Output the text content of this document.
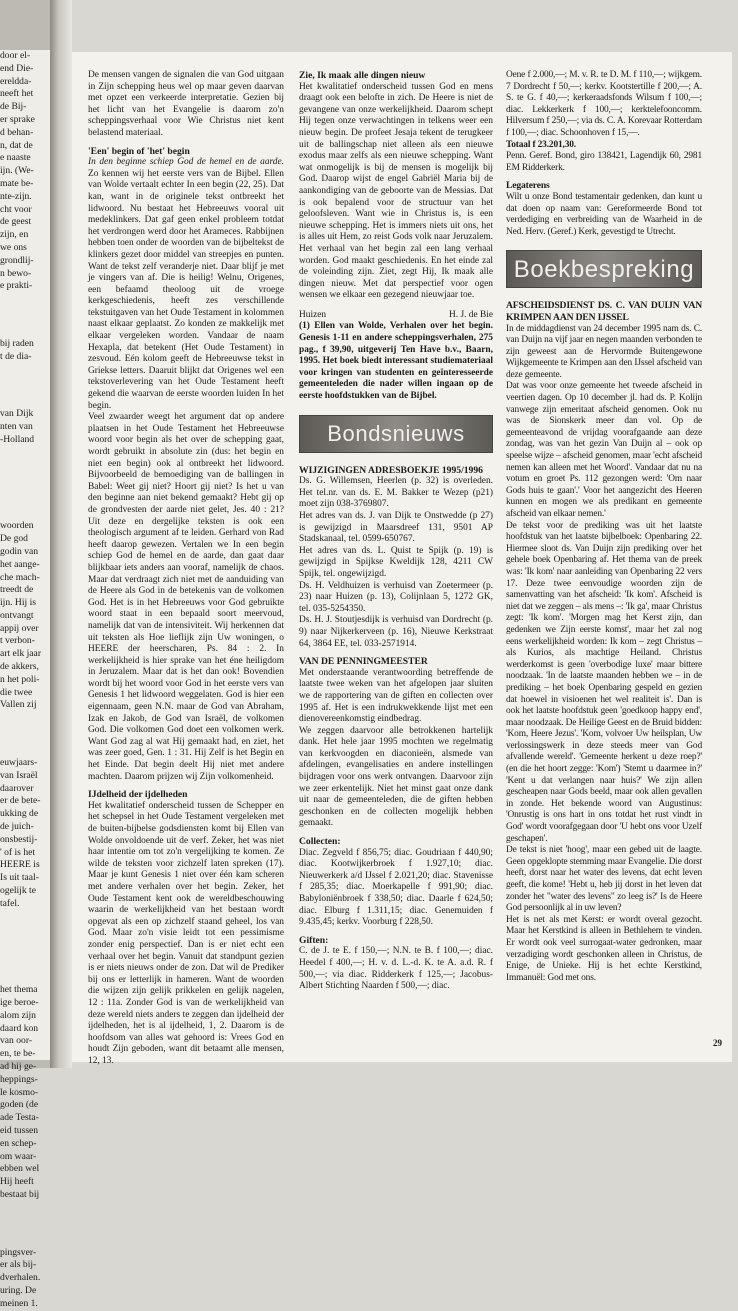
door el-

end Die-

ereldda-

neeft het

de Bij-

er sprake

d behan-

n, dat de

e naaste

ijn. (We-

mate be-

nte-zijn.

cht voor

de geest

zijn, en

we ons

grondlij-

n bewo-

e prakti-

bij raden

t de dia-

van Dijk

nten van

-Holland

woorden

De god

godin van

het aange-

che mach-

treedt de

ijn. Hij is

ontvangt

appij over

t verbon-

art elk jaar

de akkers,

n het poli-

die twee

Vallen zij

euwjaars-

van Israël

daarover

er de bete-

ukking de

de juich-

onsbestij-

' of is het

HEERE is

Is uit taal-

ogelijk te

tafel.

het thema

ige beroe-

alom zijn

daard kon

van oor-

en, te be-

ad hij ge-

heppings-

le kosmo-

goden (de

ade Testa-

eid tussen

en schep-

om waar-

ebben wel

Hij heeft

bestaat bij

pingsver-

er als bij-

dverhalen.

uring. De

meinen 1.

De mensen vangen de signalen die van God uitgaan in Zijn schepping heus wel op maar geven daarvan met opzet een verkeerde interpretatie. Gezien bij het licht van het Evangelie is daarom zo'n scheppingsverhaal voor Wie Christus niet kent belastend materiaal.

'Een' begin of 'het' begin

In den beginne schiep God de hemel en de aarde. Zo kennen wij het eerste vers van de Bijbel. Ellen van Wolde vertaalt echter In een begin (22, 25). Dat kan, want in de originele tekst ontbreekt het lidwoord. Nu bestaat het Hebreeuws vooral uit medeklinkers. Dat gaf geen enkel probleem totdat het verdrongen werd door het Arameces. Rabbijnen hebben toen onder de woorden van de bijbeltekst de klinkers gezet door middel van streepjes en punten. Want de tekst zelf veranderje niet. Daar blijf je met je vingers van af. Die is heilig! Welnu, Origenes, een befaamd theoloog uit de vroege kerkgeschiedenis, heeft zes verschillende tekstuitgaven van het Oude Testament in kolommen naast elkaar geplaatst. Zo konden ze makkelijk met elkaar vergeleken worden. Vandaar de naam Hexapla, dat betekent (Het Oude Testament) in zesvoud. Eén kolom geeft de Hebreeuwse tekst in Griekse letters. Daaruit blijkt dat Origenes wel een tekstoverlevering van het Oude Testament heeft gekend die waarvan de eerste woorden luiden In het begin.

Veel zwaarder weegt het argument dat op andere plaatsen in het Oude Testament het Hebreeuwse woord voor begin als het over de schepping gaat, wordt gebruikt in absolute zin (dus: het begin en niet een begin) ook al ontbreekt het lidwoord. Bijvoorbeeld de bemoediging van de ballingen in Babel: Weet gij niet? Hoort gij niet? Is het u van den beginne aan niet bekend gemaakt? Hebt gij op de grondvesten der aarde niet gelet, Jes. 40 : 21? Uit deze en dergelijke teksten is ook een theologisch argument af te leiden. Gerhard von Rad heeft daarop gewezen. Vertalen we In een begin schiep God de hemel en de aarde, dan gaat daar blijkbaar iets anders aan vooraf, namelijk de chaos. Maar dat verdraagt zich niet met de aanduiding van de Heere als God in de betekenis van de volkomen God. Het is in het Hebreeuws voor God gebruikte woord staat in een bepaald soort meervoud, namelijk dat van de intensiviteit. Wij herkennen dat uit teksten als Hoe lieflijk zijn Uw woningen, o HEERE der heerscharen, Ps. 84 : 2. In werkelijkheid is hier sprake van het éne heiligdom in Jeruzalem. Maar dat is het dan ook! Bovendien wordt bij het woord voor God in het eerste vers van Genesis 1 het lidwoord weggelaten. God is hier een eigennaam, geen N.N. maar de God van Abraham, Izak en Jakob, de God van Israël, de volkomen God. Die volkomen God doet een volkomen werk. Want God zag al wat Hij gemaakt had, en ziet, het was zeer goed, Gen. 1 : 31. Hij Zelf is het Begin en het Einde. Dat begin deelt Hij niet met andere machten. Daarom prijzen wij Zijn volkomenheid.

IJdelheid der ijdelheden

Het kwalitatief onderscheid tussen de Schepper en het schepsel in het Oude Testament vergeleken met de buiten-bijbelse godsdiensten komt bij Ellen van Wolde onvoldoende uit de verf. Zeker, het was niet haar intentie om tot zo'n vergelijking te komen. Ze wilde de teksten voor zichzelf laten spreken (17). Maar je kunt Genesis 1 niet over één kam scheren met andere verhalen over het begin. Zeker, het Oude Testament kent ook de wereldbeschouwing waarin de werkelijkheid van het bestaan wordt opgevat als een op zichzelf staand geheel, los van God. Maar zo'n visie leidt tot een pessimisme zonder enig perspectief. Dan is er niet echt een verhaal over het begin. Vanuit dat standpunt gezien is er niets nieuws onder de zon. Dat wil de Prediker bij ons er letterlijk in hameren. Want de woorden die wijzen zijn gelijk prikkelen en gelijk nagelen, 12 : 11a. Zonder God is van de werkelijkheid van deze wereld niets anders te zeggen dan ijdelheid der ijdelheden, het is al ijdelheid, 1, 2. Daarom is de hoofdsom van alles wat gehoord is: Vrees God en houdt Zijn geboden, want dit betaamt alle mensen, 12, 13.

Zie, Ik maak alle dingen nieuw

Het kwalitatief onderscheid tussen God en mens draagt ook een belofte in zich. De Heere is niet de gevangene van onze werkelijkheid. Daarom schept Hij tegen onze verwachtingen in telkens weer een nieuw begin. De profeet Jesaja tekent de terugkeer uit de ballingschap niet alleen als een nieuwe exodus maar zelfs als een nieuwe schepping. Want wat onmogelijk is bij de mensen is mogelijk bij God. Daarop wijst de engel Gabriël Maria bij de aankondiging van de geboorte van de Messias. Dat is ook bepalend voor de structuur van het geloofsleven. Want wie in Christus is, is een nieuwe schepping. Het is immers niets uit ons, het is alles uit Hem, zo reist Gods volk naar Jeruzalem. Het verhaal van het begin zal een lang verhaal worden. God maakt geschiedenis. En het einde zal de voleinding zijn. Ziet, zegt Hij, Ik maak alle dingen nieuw. Met dat perspectief voor ogen wensen we elkaar een gezegend nieuwjaar toe.

Huizen	H. J. de Bie

(1) Ellen van Wolde, Verhalen over het begin. Genesis 1-11 en andere scheppingsverhalen, 275 pag., f 39,90, uitgeverij Ten Have b.v., Baarn, 1995. Het boek biedt interessant studiemateriaal voor kringen van studenten en geïnteresseerde gemeenteleden die nader willen ingaan op de eerste hoofdstukken van de Bijbel.

Bondsnieuws
WIJZIGINGEN ADRESBOEKJE 1995/1996

Ds. G. Willemsen, Heerlen (p. 32) is overleden. Het tel.nr. van ds. E. M. Bakker te Wezep (p21) moet zijn 038-3769807.
Het adres van ds. J. van Dijk te Onstwedde (p 27) is gewijzigd in Maarsdreef 131, 9501 AP Stadskanaal, tel. 0599-650767.
Het adres van ds. L. Quist te Spijk (p. 19) is gewijzigd in Spijkse Kweldijk 128, 4211 CW Spijk, tel. ongewijzigd.
Ds. H. Veldhuizen is verhuisd van Zoetermeer (p. 23) naar Huizen (p. 13), Colijnlaan 5, 1272 GK, tel. 035-5254350.
Ds. H. J. Stoutjesdijk is verhuisd van Dordrecht (p. 9) naar Nijkerkerveen (p. 16), Nieuwe Kerkstraat 64, 3864 EE, tel. 033-2571914.

VAN DE PENNINGMEESTER

Met onderstaande verantwoording betreffende de laatste twee weken van het afgelopen jaar sluiten we de rapportering van de giften en collecten over 1995 af. Het is een indrukwekkende lijst met een dienovereenkomstig eindbedrag.
We zeggen daarvoor alle betrokkenen hartelijk dank. Het hele jaar 1995 mochten we regelmatig van kerkvoogden en diaconieën, alsmede van afdelingen, evangelisaties en andere instellingen bijdragen voor ons werk ontvangen. Daarvoor zijn we zeer erkentelijk. Niet het minst gaat onze dank uit naar de gemeenteleden, die de giften hebben geschonken en de collecten mogelijk hebben gemaakt.

Collecten:

Diac. Zegveld f 856,75; diac. Goudriaan f 440,90; diac. Kootwijkerbroek f 1.927,10; diac. Nieuwerkerk a/d IJssel f 2.021,20; diac. Stavenisse f 285,35; diac. Moerkapelle f 991,90; diac. Babyloniënbroek f 338,50; diac. Daarle f 624,50; diac. Elburg f 1.311,15; diac. Genemuiden f 9.435,45; kerkv. Voorburg f 228,50.

Giften:

C. de J. te E. f 150,—; N.N. te B. f 100,—; diac. Heedel f 400,—; H. v. d. L.-d. K. te A. a.d. R. f 500,—; via diac. Ridderkerk f 125,—; Jacobus-Albert Stichting Naarden f 500,—; diac.

Oene f 2.000,—; M. v. R. te D. M. f 110,—; wijkgem. 7 Dordrecht f 50,—; kerkv. Kootstertille f 200,—; A. S. te G. f 40,—; kerkeraadsfonds Wilsum f 100,—; diac. Lekkerkerk f 100,—; kerktelefooncomm. Hilversum f 250,—; via ds. C. A. Korevaar Rotterdam f 100,—; diac. Schoonhoven f 15,—.

Totaal f 23.201,30.

Penn. Geref. Bond, giro 138421, Lagendijk 60, 2981 EM Ridderkerk.

Legaterens

Wilt u onze Bond testamentair gedenken, dan kunt u dat doen op naam van: Gereformeerde Bond tot verdediging en verbreiding van de Waarheid in de Ned. Herv. (Geref.) Kerk, gevestigd te Utrecht.

Boekbespreking
AFSCHEIDSDIENST DS. C. VAN DUIJN VAN KRIMPEN AAN DEN IJSSEL

In de middagdienst van 24 december 1995 nam ds. C. van Duijn na vijf jaar en negen maanden verbonden te zijn geweest aan de Hervormde Buitengewone Wijkgemeente te Krimpen aan den IJssel afscheid van deze gemeente.
Dat was voor onze gemeente het tweede afscheid in veertien dagen. Op 10 december jl. had ds. P. Kolijn vanwege zijn emeritaat afscheid genomen. Ook nu was de Sionskerk meer dan vol. Op de gemeenteavond de vrijdag voorafgaande aan deze zondag, was van het gezin Van Duijn al – ook op speelse wijze – afscheid genomen, maar 'echt afscheid nemen kan alleen met het Woord'. Vandaar dat nu na votum en groet Ps. 112 gezongen werd: 'Om naar Gods huis te gaan'.' Voor het aangezicht des Heeren kunnen en mogen we als predikant en gemeente afscheid van elkaar nemen.'
De tekst voor de prediking was uit het laatste hoofdstuk van het laatste bijbelboek: Openbaring 22. Hiermee sloot ds. Van Duijn zijn prediking over het gehele boek Openbaring af. Het thema van de preek was: 'Ik kom' naar aanleiding van Openbaring 22 vers 17. Deze twee eenvoudige woorden zijn de samenvatting van het afscheid: 'Ik kom'. Afscheid is niet dat we zeggen – als mens –: 'Ik ga', maar Christus zegt: 'Ik kom'. 'Morgen mag het Kerst zijn, dan gedenken we Zijn eerste komst', maar het zal nog eens werkelijkheid worden: Ik kom – zegt Christus – als Kurios, als machtige Heiland. Christus werderkomst is geen 'overbodige luxe' maar bittere noodzaak. 'In de laatste maanden hebben we – in de prediking – het boek Openbaring gespeld en gezien dat hoewel in visioenen het wel realiteit is'. Dan is ook het laatste hoofdstuk geen 'goedkoop happy end', maar noodzaak. De Heilige Geest en de Bruid bidden: 'Kom, Heere Jezus'. 'Kom, volvoer Uw heilsplan, Uw verlossingswerk in deze steeds meer van God afvallende wereld'. 'Gemeente herkent u deze roep?' (en die het hoort zegge: 'Kom') 'Stemt u daarmee in?' 'Kent u dat verlangen naar huis?' We zijn allen gescheapen naar Gods beeld, maar ook allen gevallen in zonde. Het bekende woord van Augustinus: 'Onrustig is ons hart in ons totdat het rust vindt in God' wordt voorafgegaan door 'U hebt ons voor Uzelf geschapen'.
De tekst is niet 'hoog', maar een gebed uit de laagte. Geen opgeklopte stemming maar Evangelie. Die dorst heeft, dorst naar het water des levens, dat echt leven geeft, die kome! 'Hebt u, heb jij dorst in het leven dat zonder het "water des levens" zo leeg is?' Is de Heere God persoonlijk al in uw leven?
Het is net als met Kerst: er wordt overal gezocht. Maar het Kerstkind is alleen in Bethlehem te vinden. Er wordt ook veel surrogaat-water gedronken, maar verzadiging wordt geschonken alleen in Christus, de Enige, de Unieke. Hij is het echte Kerstkind, Immanuël: God met ons.

29
